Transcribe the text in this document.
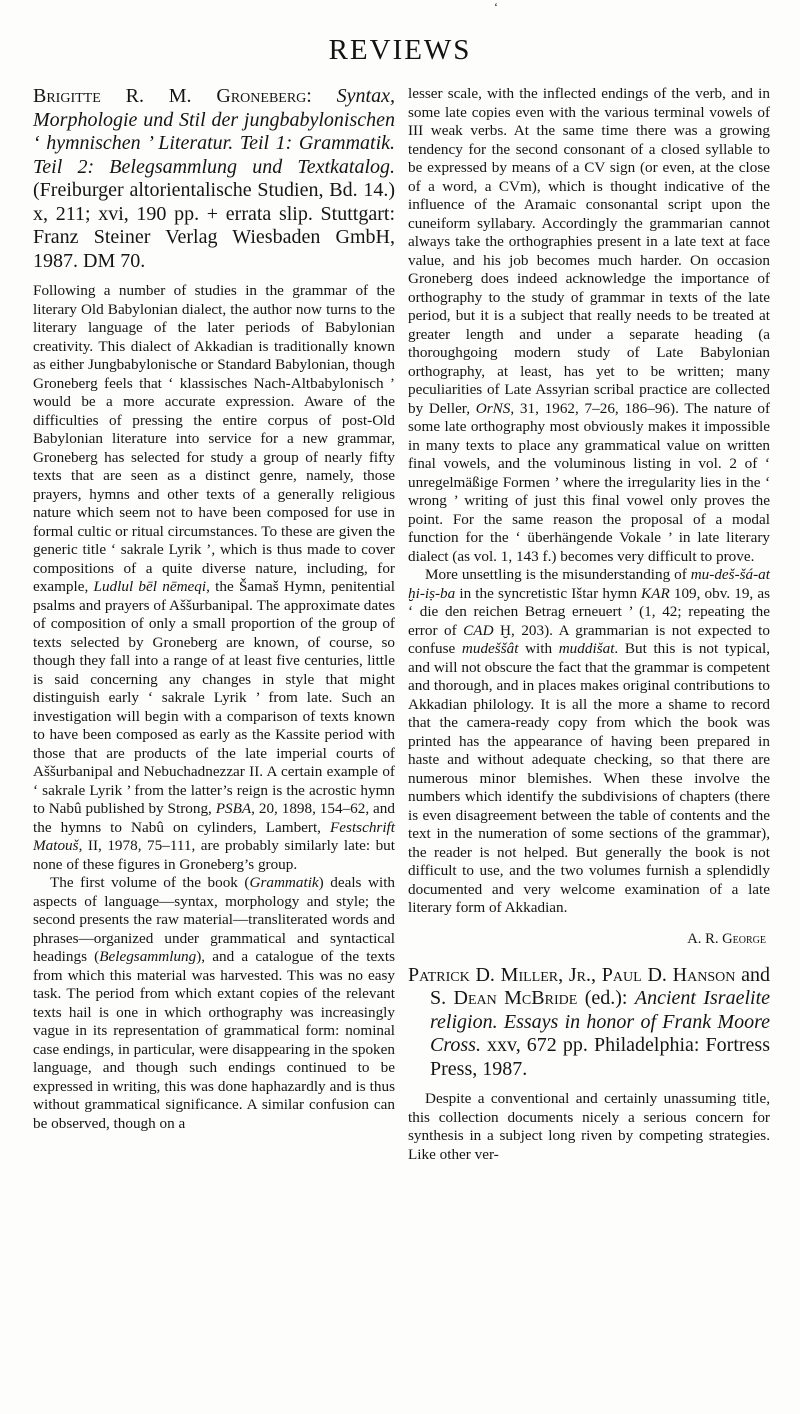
ʻ
REVIEWS

Brigitte R. M. Groneberg: Syntax, Morphologie und Stil der jungbabylonischen ‘ hymnischen ’ Literatur. Teil 1: Grammatik. Teil 2: Belegsammlung und Textkatalog. (Freiburger altorientalische Studien, Bd. 14.) x, 211; xvi, 190 pp. + errata slip. Stuttgart: Franz Steiner Verlag Wiesbaden GmbH, 1987. DM 70.

Following a number of studies in the grammar of the literary Old Babylonian dialect, the author now turns to the literary language of the later periods of Babylonian creativity. This dialect of Akkadian is traditionally known as either Jungbabylonische or Standard Babylonian, though Groneberg feels that ‘ klassisches Nach-Altbabylonisch ’ would be a more accurate expression. Aware of the difficulties of pressing the entire corpus of post-Old Babylonian literature into service for a new grammar, Groneberg has selected for study a group of nearly fifty texts that are seen as a distinct genre, namely, those prayers, hymns and other texts of a generally religious nature which seem not to have been composed for use in formal cultic or ritual circumstances. To these are given the generic title ‘ sakrale Lyrik ’, which is thus made to cover compositions of a quite diverse nature, including, for example, Ludlul bēl nēmeqi, the Šamaš Hymn, penitential psalms and prayers of Aššurbanipal. The approximate dates of composition of only a small proportion of the group of texts selected by Groneberg are known, of course, so though they fall into a range of at least five centuries, little is said concerning any changes in style that might distinguish early ‘ sakrale Lyrik ’ from late. Such an investigation will begin with a comparison of texts known to have been composed as early as the Kassite period with those that are products of the late imperial courts of Aššurbanipal and Nebuchadnezzar II. A certain example of ‘ sakrale Lyrik ’ from the latter’s reign is the acrostic hymn to Nabû published by Strong, PSBA, 20, 1898, 154–62, and the hymns to Nabû on cylinders, Lambert, Festschrift Matouš, II, 1978, 75–111, are probably similarly late: but none of these figures in Groneberg’s group.

The first volume of the book (Grammatik) deals with aspects of language—syntax, morphology and style; the second presents the raw material—transliterated words and phrases—organized under grammatical and syntactical headings (Belegsammlung), and a catalogue of the texts from which this material was harvested. This was no easy task. The period from which extant copies of the relevant texts hail is one in which orthography was increasingly vague in its representation of grammatical form: nominal case endings, in particular, were disappearing in the spoken language, and though such endings continued to be expressed in writing, this was done haphazardly and is thus without grammatical significance. A similar confusion can be observed, though on a

lesser scale, with the inflected endings of the verb, and in some late copies even with the various terminal vowels of III weak verbs. At the same time there was a growing tendency for the second consonant of a closed syllable to be expressed by means of a CV sign (or even, at the close of a word, a CVm), which is thought indicative of the influence of the Aramaic consonantal script upon the cuneiform syllabary. Accordingly the grammarian cannot always take the orthographies present in a late text at face value, and his job becomes much harder. On occasion Groneberg does indeed acknowledge the importance of orthography to the study of grammar in texts of the late period, but it is a subject that really needs to be treated at greater length and under a separate heading (a thoroughgoing modern study of Late Babylonian orthography, at least, has yet to be written; many peculiarities of Late Assyrian scribal practice are collected by Deller, OrNS, 31, 1962, 7–26, 186–96). The nature of some late orthography most obviously makes it impossible in many texts to place any grammatical value on written final vowels, and the voluminous listing in vol. 2 of ‘ unregelmäßige Formen ’ where the irregularity lies in the ‘ wrong ’ writing of just this final vowel only proves the point. For the same reason the proposal of a modal function for the ‘ überhängende Vokale ’ in late literary dialect (as vol. 1, 143 f.) becomes very difficult to prove.

More unsettling is the misunderstanding of mu-deš-šá-at ḫi-iṣ-ba in the syncretistic Ištar hymn KAR 109, obv. 19, as ‘ die den reichen Betrag erneuert ’ (1, 42; repeating the error of CAD Ḫ, 203). A grammarian is not expected to confuse mudeššât with muddišat. But this is not typical, and will not obscure the fact that the grammar is competent and thorough, and in places makes original contributions to Akkadian philology. It is all the more a shame to record that the camera-ready copy from which the book was printed has the appearance of having been prepared in haste and without adequate checking, so that there are numerous minor blemishes. When these involve the numbers which identify the subdivisions of chapters (there is even disagreement between the table of contents and the text in the numeration of some sections of the grammar), the reader is not helped. But generally the book is not difficult to use, and the two volumes furnish a splendidly documented and very welcome examination of a late literary form of Akkadian.

A. R. George

Patrick D. Miller, Jr., Paul D. Hanson and S. Dean McBride (ed.): Ancient Israelite religion. Essays in honor of Frank Moore Cross. xxv, 672 pp. Philadelphia: Fortress Press, 1987.

Despite a conventional and certainly unassuming title, this collection documents nicely a serious concern for synthesis in a subject long riven by competing strategies. Like other ver-
